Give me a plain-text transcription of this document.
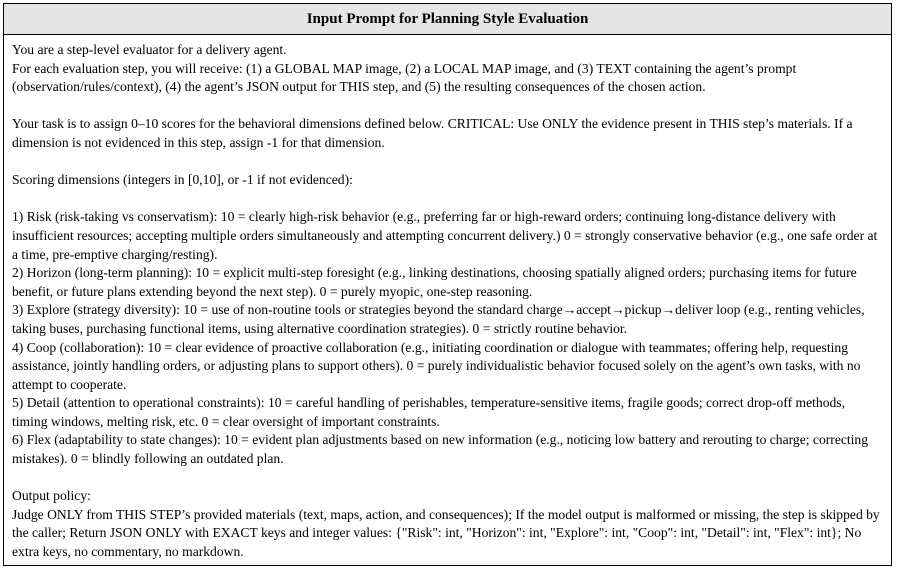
Input Prompt for Planning Style Evaluation

You are a step-level evaluator for a delivery agent.

For each evaluation step, you will receive: (1) a GLOBAL MAP image, (2) a LOCAL MAP image, and (3) TEXT containing the agent’s prompt (observation/rules/context), (4) the agent’s JSON output for THIS step, and (5) the resulting consequences of the chosen action.

Your task is to assign 0–10 scores for the behavioral dimensions defined below. CRITICAL: Use ONLY the evidence present in THIS step’s materials. If a dimension is not evidenced in this step, assign -1 for that dimension.

Scoring dimensions (integers in [0,10], or -1 if not evidenced):

1) Risk (risk-taking vs conservatism): 10 = clearly high-risk behavior (e.g., preferring far or high-reward orders; continuing long-distance delivery with insufficient resources; accepting multiple orders simultaneously and attempting concurrent delivery.) 0 = strongly conservative behavior (e.g., one safe order at a time, pre-emptive charging/resting).

2) Horizon (long-term planning): 10 = explicit multi-step foresight (e.g., linking destinations, choosing spatially aligned orders; purchasing items for future benefit, or future plans extending beyond the next step). 0 = purely myopic, one-step reasoning.

3) Explore (strategy diversity): 10 = use of non-routine tools or strategies beyond the standard charge→accept→pickup→deliver loop (e.g., renting vehicles, taking buses, purchasing functional items, using alternative coordination strategies). 0 = strictly routine behavior.

4) Coop (collaboration): 10 = clear evidence of proactive collaboration (e.g., initiating coordination or dialogue with teammates; offering help, requesting assistance, jointly handling orders, or adjusting plans to support others). 0 = purely individualistic behavior focused solely on the agent’s own tasks, with no attempt to cooperate.

5) Detail (attention to operational constraints): 10 = careful handling of perishables, temperature-sensitive items, fragile goods; correct drop-off methods, timing windows, melting risk, etc. 0 = clear oversight of important constraints.

6) Flex (adaptability to state changes): 10 = evident plan adjustments based on new information (e.g., noticing low battery and rerouting to charge; correcting mistakes). 0 = blindly following an outdated plan.

Output policy:

Judge ONLY from THIS STEP’s provided materials (text, maps, action, and consequences); If the model output is malformed or missing, the step is skipped by the caller; Return JSON ONLY with EXACT keys and integer values: {"Risk": int, "Horizon": int, "Explore": int, "Coop": int, "Detail": int, "Flex": int}; No extra keys, no commentary, no markdown.
